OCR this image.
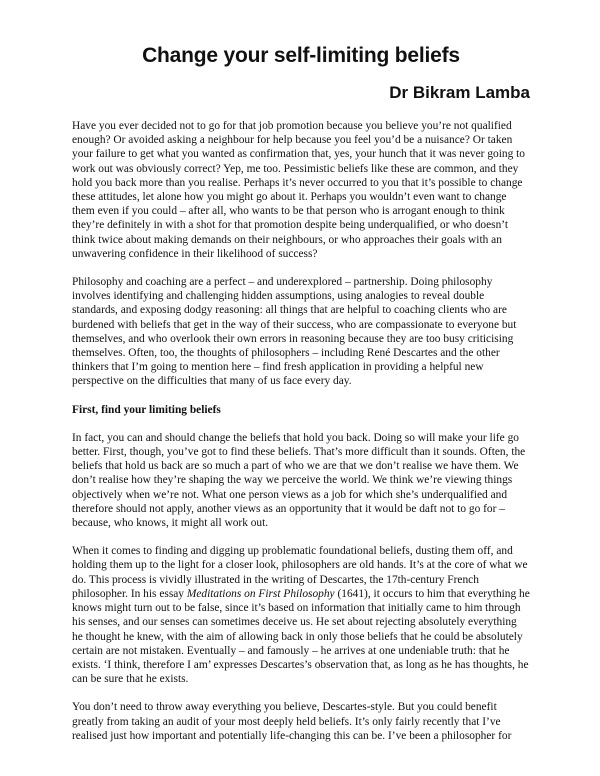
Change your self-limiting beliefs
Dr Bikram Lamba

Have you ever decided not to go for that job promotion because you believe you’re not qualified enough? Or avoided asking a neighbour for help because you feel you’d be a nuisance? Or taken your failure to get what you wanted as confirmation that, yes, your hunch that it was never going to work out was obviously correct? Yep, me too. Pessimistic beliefs like these are common, and they hold you back more than you realise. Perhaps it’s never occurred to you that it’s possible to change these attitudes, let alone how you might go about it. Perhaps you wouldn’t even want to change them even if you could – after all, who wants to be that person who is arrogant enough to think they’re definitely in with a shot for that promotion despite being underqualified, or who doesn’t think twice about making demands on their neighbours, or who approaches their goals with an unwavering confidence in their likelihood of success?

Philosophy and coaching are a perfect – and underexplored – partnership. Doing philosophy involves identifying and challenging hidden assumptions, using analogies to reveal double standards, and exposing dodgy reasoning: all things that are helpful to coaching clients who are burdened with beliefs that get in the way of their success, who are compassionate to everyone but themselves, and who overlook their own errors in reasoning because they are too busy criticising themselves. Often, too, the thoughts of philosophers – including René Descartes and the other thinkers that I’m going to mention here – find fresh application in providing a helpful new perspective on the difficulties that many of us face every day.

First, find your limiting beliefs

In fact, you can and should change the beliefs that hold you back. Doing so will make your life go better. First, though, you’ve got to find these beliefs. That’s more difficult than it sounds. Often, the beliefs that hold us back are so much a part of who we are that we don’t realise we have them. We don’t realise how they’re shaping the way we perceive the world. We think we’re viewing things objectively when we’re not. What one person views as a job for which she’s underqualified and therefore should not apply, another views as an opportunity that it would be daft not to go for – because, who knows, it might all work out.

When it comes to finding and digging up problematic foundational beliefs, dusting them off, and holding them up to the light for a closer look, philosophers are old hands. It’s at the core of what we do. This process is vividly illustrated in the writing of Descartes, the 17th-century French philosopher. In his essay Meditations on First Philosophy (1641), it occurs to him that everything he knows might turn out to be false, since it’s based on information that initially came to him through his senses, and our senses can sometimes deceive us. He set about rejecting absolutely everything he thought he knew, with the aim of allowing back in only those beliefs that he could be absolutely certain are not mistaken. Eventually – and famously – he arrives at one undeniable truth: that he exists. ‘I think, therefore I am’ expresses Descartes’s observation that, as long as he has thoughts, he can be sure that he exists.

You don’t need to throw away everything you believe, Descartes-style. But you could benefit greatly from taking an audit of your most deeply held beliefs. It’s only fairly recently that I’ve realised just how important and potentially life-changing this can be. I’ve been a philosopher for
